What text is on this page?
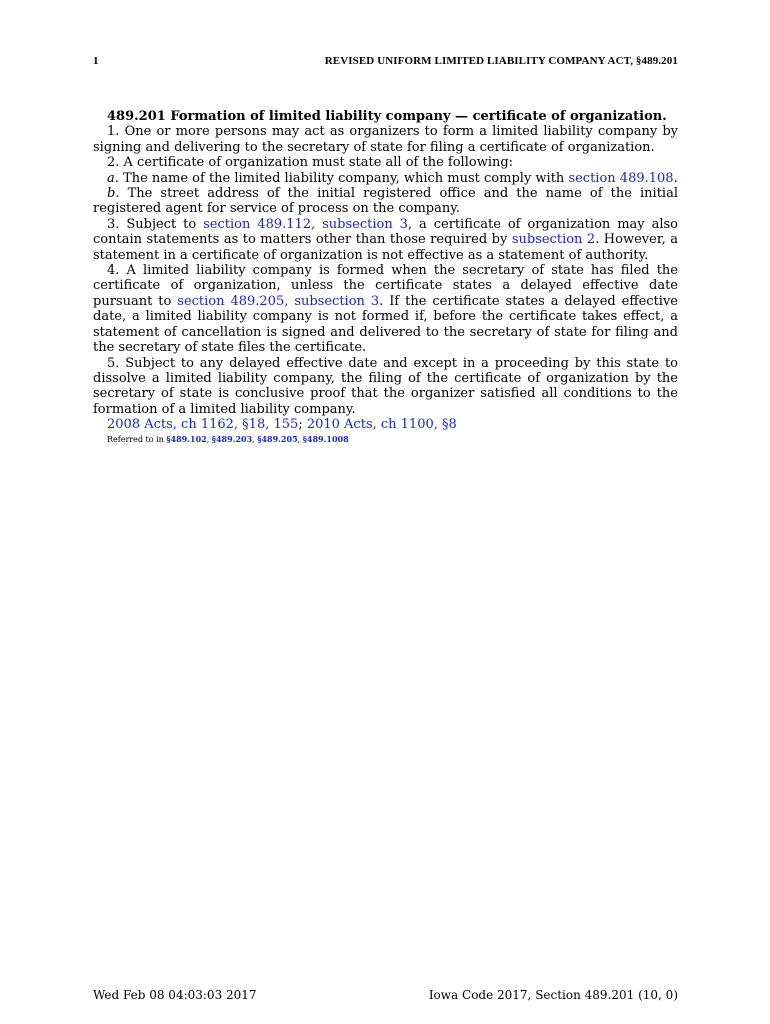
1	REVISED UNIFORM LIMITED LIABILITY COMPANY ACT, §489.201
489.201 Formation of limited liability company — certificate of organization.

1. One or more persons may act as organizers to form a limited liability company by signing and delivering to the secretary of state for filing a certificate of organization.

2. A certificate of organization must state all of the following:

a. The name of the limited liability company, which must comply with section 489.108.

b. The street address of the initial registered office and the name of the initial registered agent for service of process on the company.

3. Subject to section 489.112, subsection 3, a certificate of organization may also contain statements as to matters other than those required by subsection 2. However, a statement in a certificate of organization is not effective as a statement of authority.

4. A limited liability company is formed when the secretary of state has filed the certificate of organization, unless the certificate states a delayed effective date pursuant to section 489.205, subsection 3. If the certificate states a delayed effective date, a limited liability company is not formed if, before the certificate takes effect, a statement of cancellation is signed and delivered to the secretary of state for filing and the secretary of state files the certificate.

5. Subject to any delayed effective date and except in a proceeding by this state to dissolve a limited liability company, the filing of the certificate of organization by the secretary of state is conclusive proof that the organizer satisfied all conditions to the formation of a limited liability company.

2008 Acts, ch 1162, §18, 155; 2010 Acts, ch 1100, §8
Referred to in §489.102, §489.203, §489.205, §489.1008
Wed Feb 08 04:03:03 2017	Iowa Code 2017, Section 489.201 (10, 0)
